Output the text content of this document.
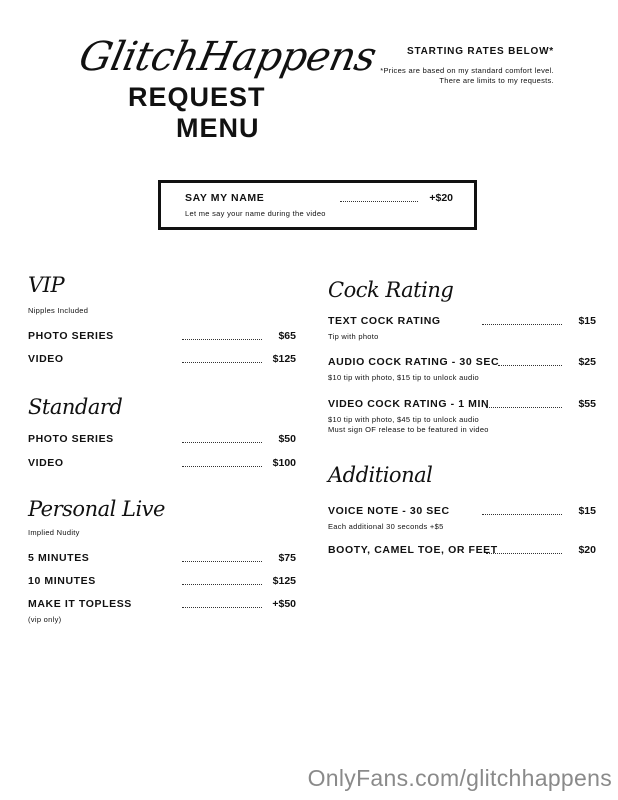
GlitchHappens
REQUEST
MENU
STARTING RATES BELOW*
*Prices are based on my standard comfort level.
There are limits to my requests.
SAY MY NAME	+$20
Let me say your name during the video
VIP
Nipples Included
PHOTO SERIES	$65
VIDEO	$125
Standard
PHOTO SERIES	$50
VIDEO	$100
Personal Live
Implied Nudity
5 MINUTES	$75
10 MINUTES	$125
MAKE IT TOPLESS	+$50
(vip only)
Cock Rating
TEXT COCK RATING	$15
Tip with photo
AUDIO COCK RATING - 30 SEC	$25
$10 tip with photo, $15 tip to unlock audio
VIDEO COCK RATING - 1 MIN	$55
$10 tip with photo, $45 tip to unlock audio
Must sign OF release to be featured in video
Additional
VOICE NOTE - 30 SEC	$15
Each additional 30 seconds +$5
BOOTY, CAMEL TOE, OR FEET	$20
OnlyFans.com/glitchhappens
